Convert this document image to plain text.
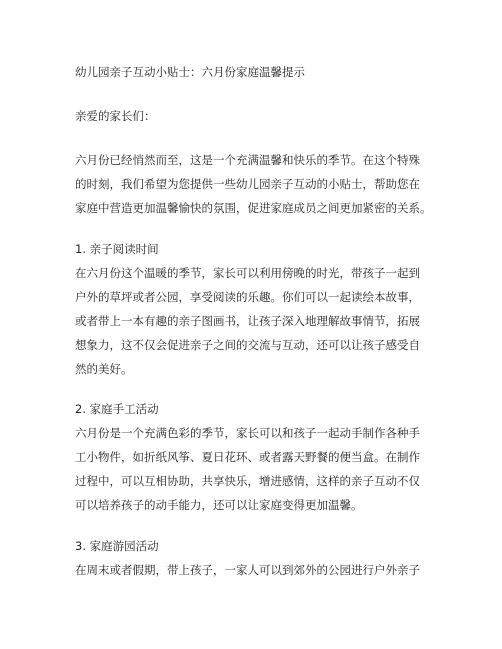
幼儿园亲子互动小贴士：六月份家庭温馨提示
亲爱的家长们：
六月份已经悄然而至，这是一个充满温馨和快乐的季节。在这个特殊
的时刻，我们希望为您提供一些幼儿园亲子互动的小贴士，帮助您在
家庭中营造更加温馨愉快的氛围，促进家庭成员之间更加紧密的关系。
1. 亲子阅读时间
在六月份这个温暖的季节，家长可以利用傍晚的时光，带孩子一起到
户外的草坪或者公园，享受阅读的乐趣。你们可以一起读绘本故事，
或者带上一本有趣的亲子图画书，让孩子深入地理解故事情节，拓展
想象力，这不仅会促进亲子之间的交流与互动，还可以让孩子感受自
然的美好。
2. 家庭手工活动
六月份是一个充满色彩的季节，家长可以和孩子一起动手制作各种手
工小物件，如折纸风筝、夏日花环、或者露天野餐的便当盒。在制作
过程中，可以互相协助，共享快乐，增进感情，这样的亲子互动不仅
可以培养孩子的动手能力，还可以让家庭变得更加温馨。
3. 家庭游园活动
在周末或者假期，带上孩子，一家人可以到郊外的公园进行户外亲子
